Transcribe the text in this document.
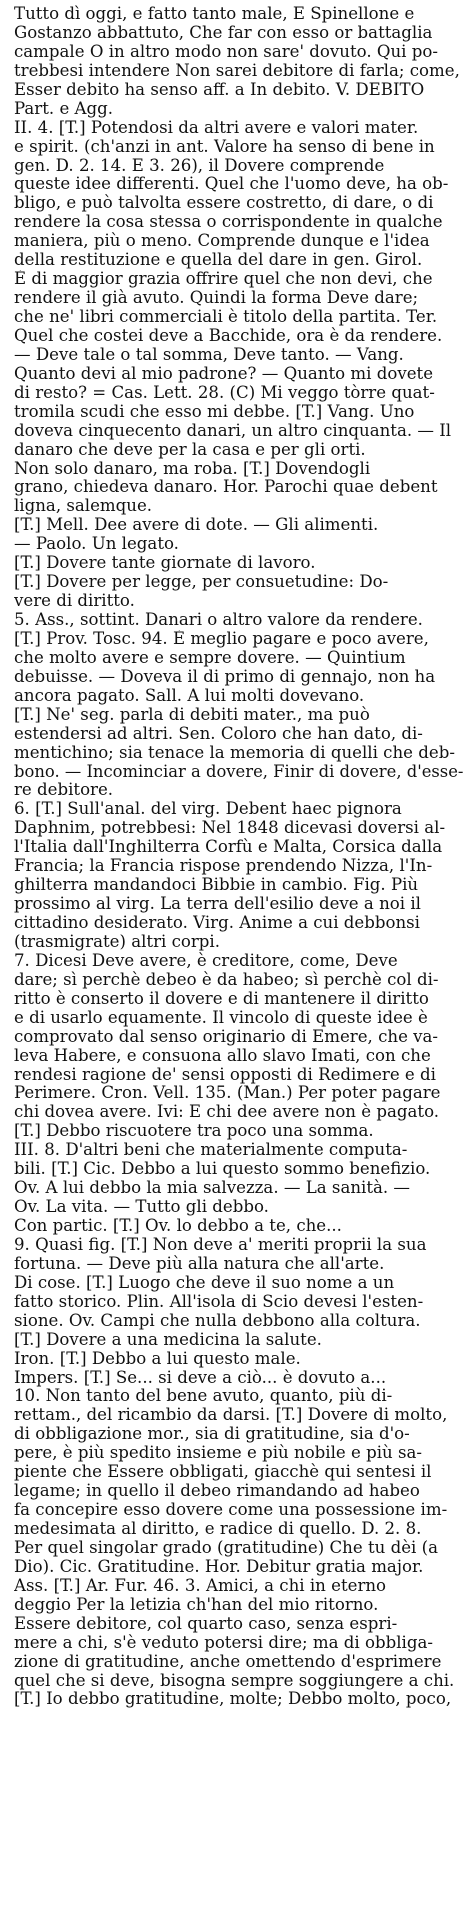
Tutto dì oggi, e fatto tanto male, E Spinellone e
Gostanzo abbattuto, Che far con esso or battaglia
campale O in altro modo non sare' dovuto. Qui po-
trebbesi intendere Non sarei debitore di farla; come,
Esser debito ha senso aff. a In debito. V. DEBITO
Part. e Agg.
II. 4. [T.] Potendosi da altri avere e valori mater.
e spirit. (ch'anzi in ant. Valore ha senso di bene in
gen. D. 2. 14. E 3. 26), il Dovere comprende
queste idee differenti. Quel che l'uomo deve, ha ob-
bligo, e può talvolta essere costretto, di dare, o di
rendere la cosa stessa o corrispondente in qualche
maniera, più o meno. Comprende dunque e l'idea
della restituzione e quella del dare in gen. Girol.
È di maggior grazia offrire quel che non devi, che
rendere il già avuto. Quindi la forma Deve dare;
che ne' libri commerciali è titolo della partita. Ter.
Quel che costei deve a Bacchide, ora è da rendere.
— Deve tale o tal somma, Deve tanto. — Vang.
Quanto devi al mio padrone? — Quanto mi dovete
di resto? = Cas. Lett. 28. (C) Mi veggo tòrre quat-
tromila scudi che esso mi debbe. [T.] Vang. Uno
doveva cinquecento danari, un altro cinquanta. — Il
danaro che deve per la casa e per gli orti.
Non solo danaro, ma roba. [T.] Dovendogli
grano, chiedeva danaro. Hor. Parochi quae debent
ligna, salemque.
[T.] Mell. Dee avere di dote. — Gli alimenti.
— Paolo. Un legato.
[T.] Dovere tante giornate di lavoro.
[T.] Dovere per legge, per consuetudine: Do-
vere di diritto.
5. Ass., sottint. Danari o altro valore da rendere.
[T.] Prov. Tosc. 94. È meglio pagare e poco avere,
che molto avere e sempre dovere. — Quintium
debuisse. — Doveva il di primo di gennajo, non ha
ancora pagato. Sall. A lui molti dovevano.
[T.] Ne' seg. parla di debiti mater., ma può
estendersi ad altri. Sen. Coloro che han dato, di-
mentichino; sia tenace la memoria di quelli che deb-
bono. — Incominciar a dovere, Finir di dovere, d'esse-
re debitore.
6. [T.] Sull'anal. del virg. Debent haec pignora
Daphnim, potrebbesi: Nel 1848 dicevasi doversi al-
l'Italia dall'Inghilterra Corfù e Malta, Corsica dalla
Francia; la Francia rispose prendendo Nizza, l'In-
ghilterra mandandoci Bibbie in cambio. Fig. Più
prossimo al virg. La terra dell'esilio deve a noi il
cittadino desiderato. Virg. Anime a cui debbonsi
(trasmigrate) altri corpi.
7. Dicesi Deve avere, è creditore, come, Deve
dare; sì perchè debeo è da habeo; sì perchè col di-
ritto è conserto il dovere e di mantenere il diritto
e di usarlo equamente. Il vincolo di queste idee è
comprovato dal senso originario di Emere, che va-
leva Habere, e consuona allo slavo Imati, con che
rendesi ragione de' sensi opposti di Redimere e di
Perimere. Cron. Vell. 135. (Man.) Per poter pagare
chi dovea avere. Ivi: E chi dee avere non è pagato.
[T.] Debbo riscuotere tra poco una somma.
III. 8. D'altri beni che materialmente computa-
bili. [T.] Cic. Debbo a lui questo sommo benefizio.
Ov. A lui debbo la mia salvezza. — La sanità. —
Ov. La vita. — Tutto gli debbo.
Con partic. [T.] Ov. lo debbo a te, che...
9. Quasi fig. [T.] Non deve a' meriti proprii la sua
fortuna. — Deve più alla natura che all'arte.
Di cose. [T.] Luogo che deve il suo nome a un
fatto storico. Plin. All'isola di Scio devesi l'esten-
sione. Ov. Campi che nulla debbono alla coltura.
[T.] Dovere a una medicina la salute.
Iron. [T.] Debbo a lui questo male.
Impers. [T.] Se... si deve a ciò... è dovuto a...
10. Non tanto del bene avuto, quanto, più di-
rettam., del ricambio da darsi. [T.] Dovere di molto,
di obbligazione mor., sia di gratitudine, sia d'o-
pere, è più spedito insieme e più nobile e più sa-
piente che Essere obbligati, giacchè qui sentesi il
legame; in quello il debeo rimandando ad habeo
fa concepire esso dovere come una possessione im-
medesimata al diritto, e radice di quello. D. 2. 8.
Per quel singolar grado (gratitudine) Che tu dèi (a
Dio). Cic. Gratitudine. Hor. Debitur gratia major.
Ass. [T.] Ar. Fur. 46. 3. Amici, a chi in eterno
deggio Per la letizia ch'han del mio ritorno.
Essere debitore, col quarto caso, senza espri-
mere a chi, s'è veduto potersi dire; ma di obbliga-
zione di gratitudine, anche omettendo d'esprimere
quel che si deve, bisogna sempre soggiungere a chi.
[T.] Io debbo gratitudine, molte; Debbo molto, poco,
